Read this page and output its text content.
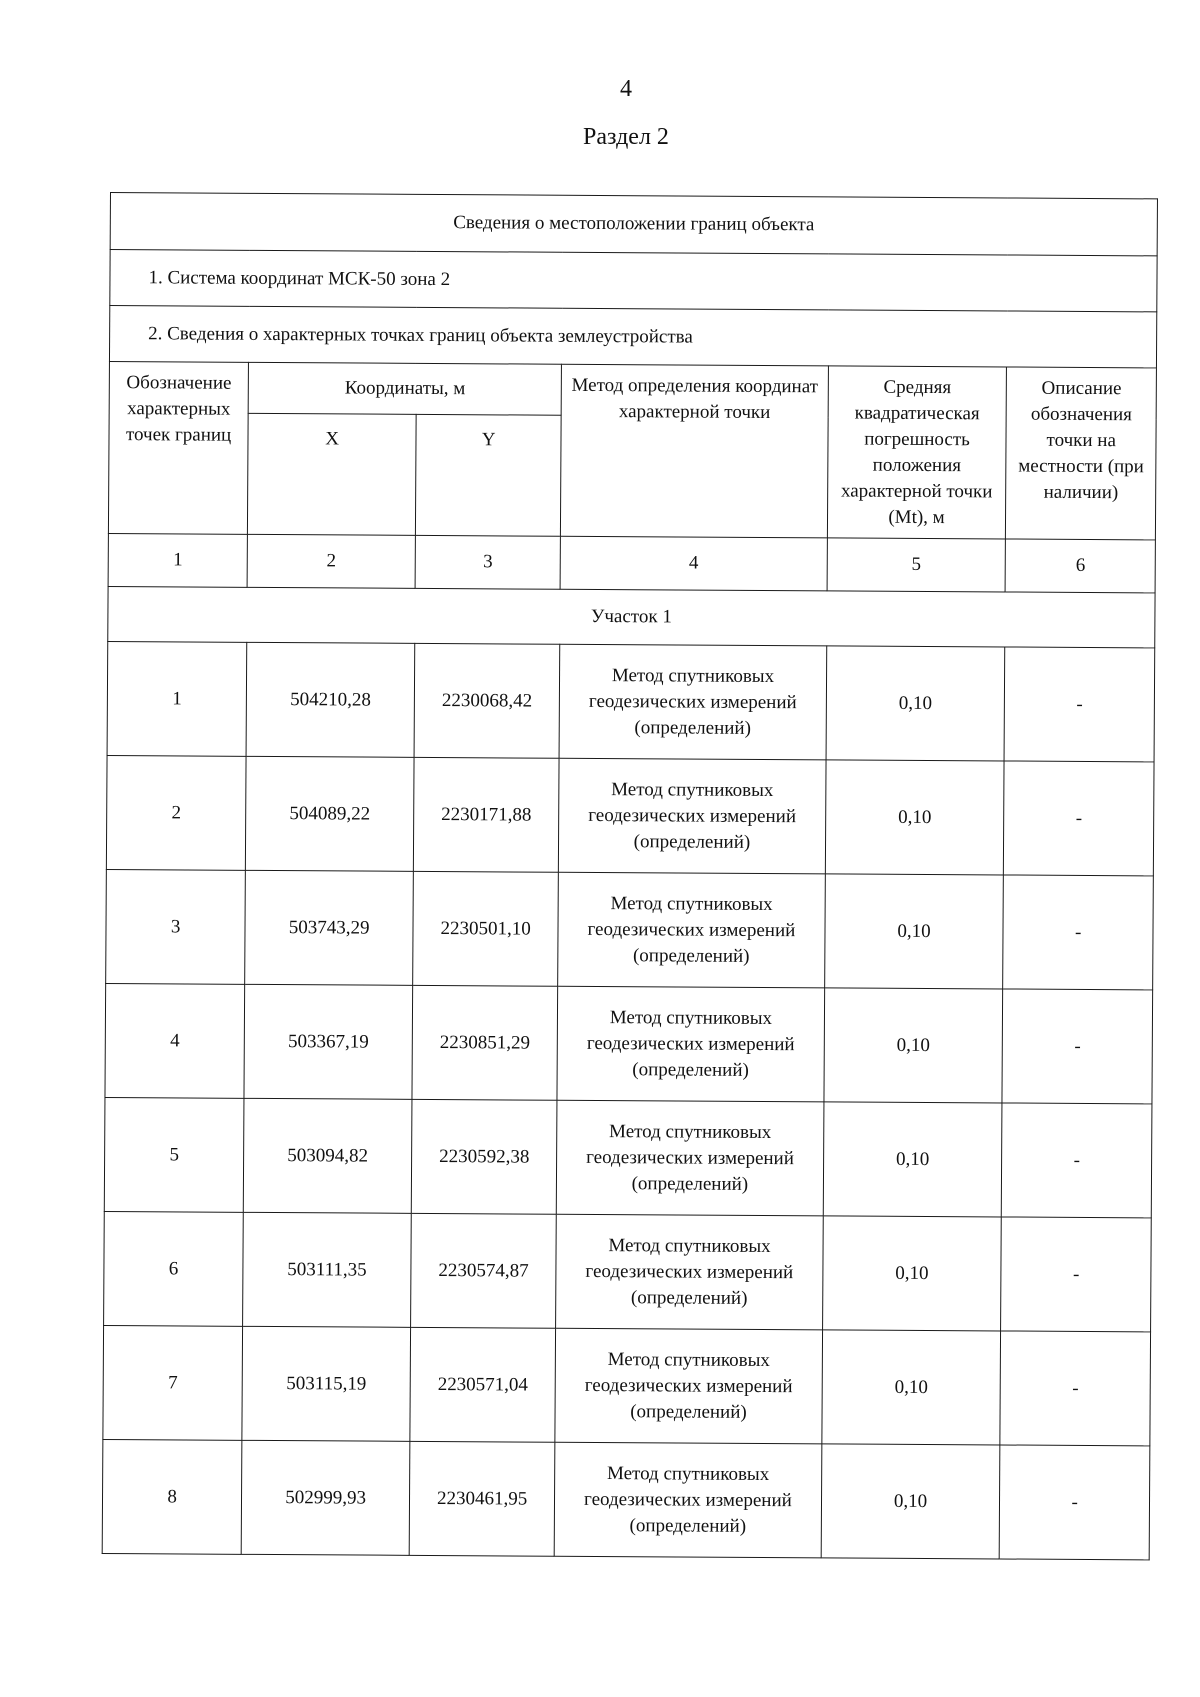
4
Раздел 2
Сведения о местоположении границ объекта					
1. Система координат МСК-50 зона 2					
2. Сведения о характерных точках границ объекта землеустройства					
Обозначение характерных точек границ	Координаты, м		Метод определения координат характерной точки	Средняя квадратическая погрешность положения характерной точки (Mt), м	Описание обозначения точки на местности (при наличии)
	X	Y			
1	2	3	4	5	6
Участок 1					
1	504210,28	2230068,42	Метод спутниковых геодезических измерений (определений)	0,10	-
2	504089,22	2230171,88	Метод спутниковых геодезических измерений (определений)	0,10	-
3	503743,29	2230501,10	Метод спутниковых геодезических измерений (определений)	0,10	-
4	503367,19	2230851,29	Метод спутниковых геодезических измерений (определений)	0,10	-
5	503094,82	2230592,38	Метод спутниковых геодезических измерений (определений)	0,10	-
6	503111,35	2230574,87	Метод спутниковых геодезических измерений (определений)	0,10	-
7	503115,19	2230571,04	Метод спутниковых геодезических измерений (определений)	0,10	-
8	502999,93	2230461,95	Метод спутниковых геодезических измерений (определений)	0,10	-
